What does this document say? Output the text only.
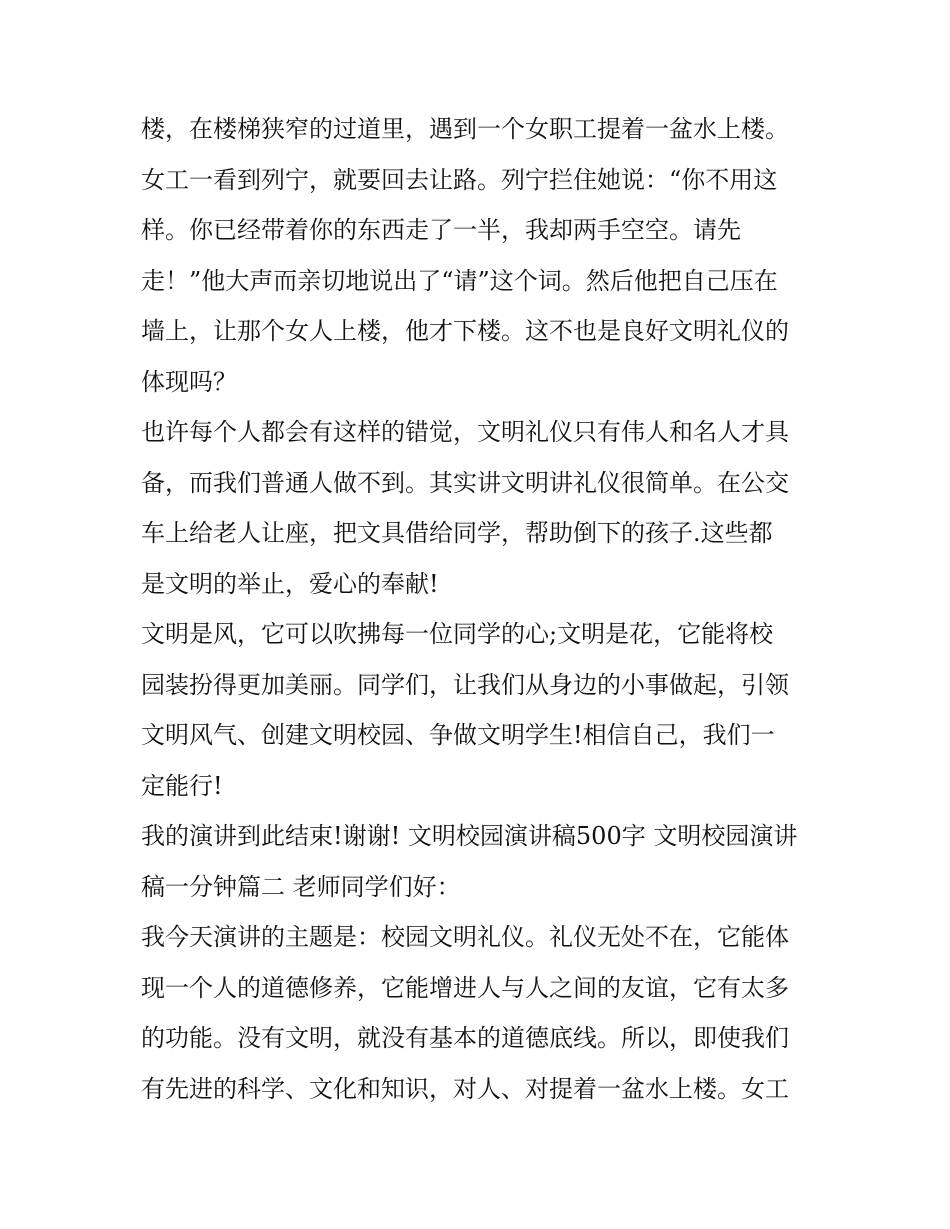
楼，在楼梯狭窄的过道里，遇到一个女职工提着一盆水上楼。
女工一看到列宁，就要回去让路。列宁拦住她说：“你不用这
样。你已经带着你的东西走了一半，我却两手空空。请先
走！”他大声而亲切地说出了“请”这个词。然后他把自己压在
墙上，让那个女人上楼，他才下楼。这不也是良好文明礼仪的
体现吗？
也许每个人都会有这样的错觉，文明礼仪只有伟人和名人才具
备，而我们普通人做不到。其实讲文明讲礼仪很简单。在公交
车上给老人让座，把文具借给同学，帮助倒下的孩子.这些都
是文明的举止，爱心的奉献!
文明是风，它可以吹拂每一位同学的心;文明是花，它能将校
园装扮得更加美丽。同学们，让我们从身边的小事做起，引领
文明风气、创建文明校园、争做文明学生!相信自己，我们一
定能行!
我的演讲到此结束!谢谢! 文明校园演讲稿500字 文明校园演讲
稿一分钟篇二 老师同学们好：
我今天演讲的主题是：校园文明礼仪。礼仪无处不在，它能体
现一个人的道德修养，它能增进人与人之间的友谊，它有太多
的功能。没有文明，就没有基本的道德底线。所以，即使我们
有先进的科学、文化和知识，对人、对提着一盆水上楼。女工
